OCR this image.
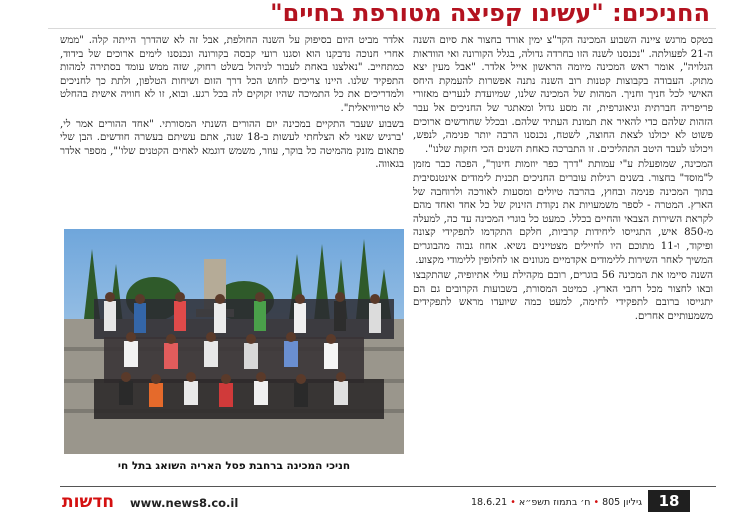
החניכים: "עשינו קפיצה מטורפת בחיים"

בטקס מרגש ציינה השבוע המכינה הקד"צ ימין אורד בחצור את סיום השנה ה-21 לפעולתה. "נכנסנו לשנה הזו בחרדה גדולה, בגלל הקורונה ואי הוודאות הגלויה", אומר ראש המכינה מיומה הראשון אייל אלדר. "אבל מעין יצא מתוק. העבודה בקבוצות קטנות רוב השנה נתנה אפשרות להעמקת היחס האישי לכל חניך וחניך. המהות של המכינה שלנו, שמיועדת לנערים מאזורי פריפריה חברתית וגיאוגרפית, זה מסע גדול ומאתגר של החניכים אל עבר הזהות שלהם כדי להאיר את תמונת העתיד שלהם. ובכלל שחודשים ארוכים פשוט לא יכולנו לצאת החוצה, לשטח, נכנסנו הרבה יותר פנימה, לנפש, ויכולנו לעבד היטב התהליכים. זו התברכה כאחת השנים הכי חזקות שלנו".

המכינה, שמופעלת ע"י עמותת "דרך כפר יוזמות חינוך", הפכה כבר מזמן ל"מוסד" בחצור. בשנים רגילות עוברים החניכים תכנית לימודים אינטנסיבית בתוך המכינה פנימה ובחוץ, בהרבה טיולים ומסעות לאורכה ולרוחבה של הארץ. המטרה - לספר משמעויות את נקודת הזינוק של כל אחד ואחד מהם לקראת השירות הצבאי והחיים בכלל. כמעט כל בוגרי המכינה עד כה, למעלה מ-850 איש, התגייסו ליחידות קרביות, חלקם התקדמו לתפקידי קצונה ופיקוד, ו-11 מתוכם היו לחיילים מצטיינים נשיא. אחוז גבוה מהבוגרים המשיך לאחר השירות ללימודים אקדמיים מגוונים או לחלופין ללימודי מקצוע.

השנה סיימו את המכינה 56 בוגרים, רובם מקהילת עולי אתיופיה, שהתקבצו ובאו לחצור מכל רחבי הארץ. כמיטב המסורת, בשבועות הקרובים גם הם יתגייסו ברובם לתפקידי לחימה, למעט כמה שיועדו מראש לתפקידים משמעותיים אחרים.

אלדר מביט היום בסיפוק על השנה החולפת, אבל זה לא שהדרך הייתה קלה. "ממש אחרי חנוכה נדבקנו הוא וסגנו רועי קבסה בקורונה ונכנסנו לימים ארוכים של בידוד, כמתחייב. "נאלצנו באחת לעבור לניהול בשלט רחוק, שזה ממש עומד בסתירה למהות התפקיד שלנו. היינו צריכים לחוש הכל דרך הזום ושיחות הטלפון, ולתת כך לחניכים ולמדריכים את כל התמיכה שהיו זקוקים לה בכל רגע. ובוא, זו לא חוויה אישית בהחלט לא טריוויאלית".

בשבוע שעבר התקיים במכינה יום ההורים השנתי המסורתי. "אחד ההורים אמר לי, 'ברגיש שאני לא הצלחתי לעשות ב-18 שנה, אתם עשיתם בעשרה חודשים. הבן שלי פתאום מזנק מהמיטה כל בוקר, עוזר, משמש דוגמא לאחים הקטנים שלו'", מספר אלדר בגאווה.

חניכי המכינה ברחבת פסל האריה השואג בתל חי
חדשות www.news8.co.il	גיליון 805•ח׳ בתמוז תשפ״א•18.6.21	18
